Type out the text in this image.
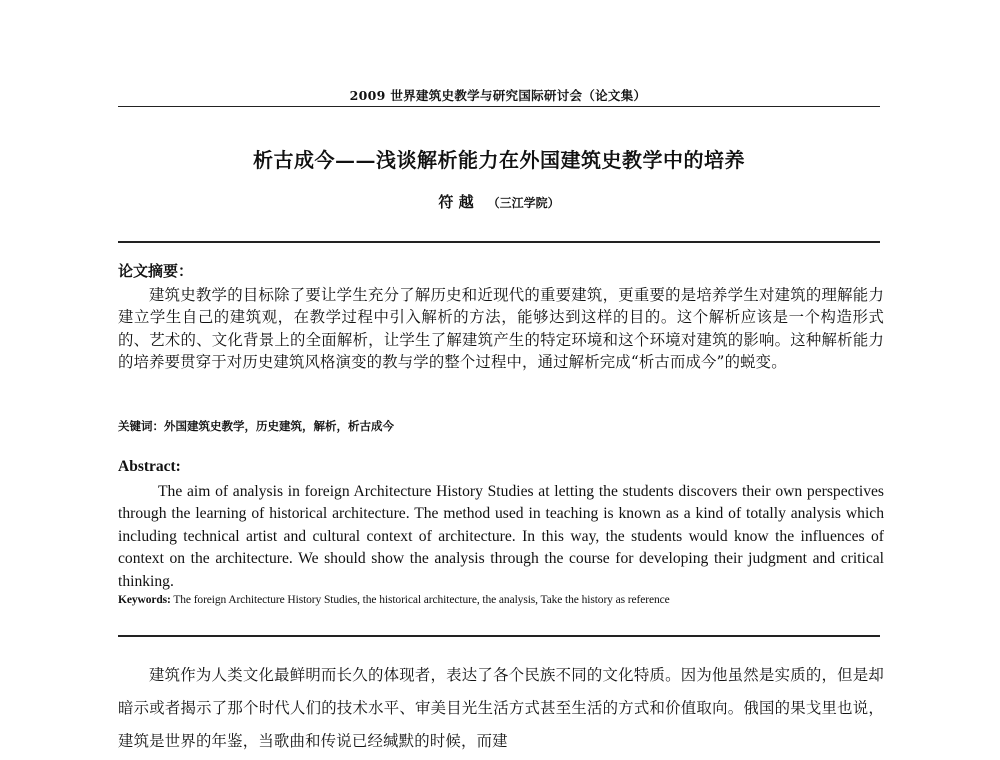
2009 世界建筑史教学与研究国际研讨会（论文集）
析古成今——浅谈解析能力在外国建筑史教学中的培养
符 越 （三江学院）
论文摘要：
建筑史教学的目标除了要让学生充分了解历史和近现代的重要建筑，更重要的是培养学生对建筑的理解能力建立学生自己的建筑观，在教学过程中引入解析的方法，能够达到这样的目的。这个解析应该是一个构造形式的、艺术的、文化背景上的全面解析，让学生了解建筑产生的特定环境和这个环境对建筑的影响。这种解析能力的培养要贯穿于对历史建筑风格演变的教与学的整个过程中，通过解析完成“析古而成今”的蜕变。
关键词：外国建筑史教学，历史建筑，解析，析古成今
Abstract:
The aim of analysis in foreign Architecture History Studies at letting the students discovers their own perspectives through the learning of historical architecture. The method used in teaching is known as a kind of totally analysis which including technical artist and cultural context of architecture. In this way, the students would know the influences of context on the architecture. We should show the analysis through the course for developing their judgment and critical thinking.
Keywords: The foreign Architecture History Studies, the historical architecture, the analysis, Take the history as reference
建筑作为人类文化最鲜明而长久的体现者，表达了各个民族不同的文化特质。因为他虽然是实质的，但是却暗示或者揭示了那个时代人们的技术水平、审美目光生活方式甚至生活的方式和价值取向。俄国的果戈里也说，建筑是世界的年鉴，当歌曲和传说已经缄默的时候，而建
